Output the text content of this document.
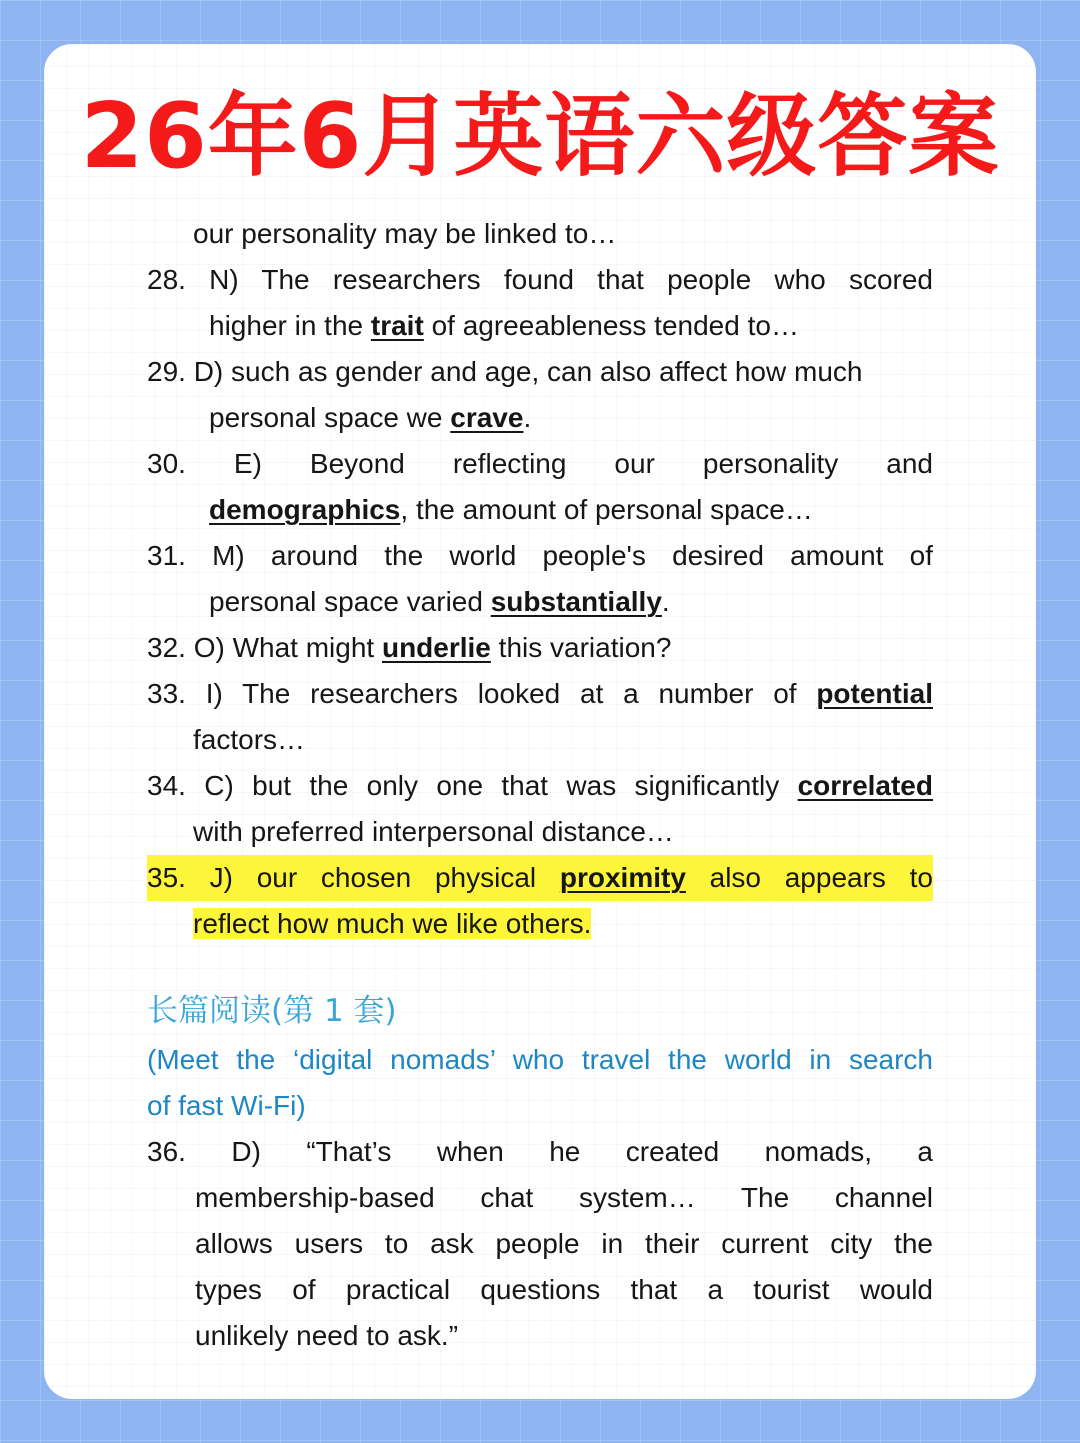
26年6月英语六级答案
our personality may be linked to…
28. N) The researchers found that people who scored
higher in the trait of agreeableness tended to…
29. D) such as gender and age, can also affect how much
personal space we crave.
30. E) Beyond reflecting our personality and
demographics, the amount of personal space…
31. M) around the world people's desired amount of
personal space varied substantially.
32. O) What might underlie this variation?
33. I) The researchers looked at a number of potential
factors…
34. C) but the only one that was significantly correlated
with preferred interpersonal distance…
35. J) our chosen physical proximity also appears to
reflect how much we like others.
长篇阅读(第 1 套)
(Meet the ‘digital nomads’ who travel the world in search
of fast Wi-Fi)
36. D) “That’s when he created nomads, a
membership-based chat system… The channel
allows users to ask people in their current city the
types of practical questions that a tourist would
unlikely need to ask.”
